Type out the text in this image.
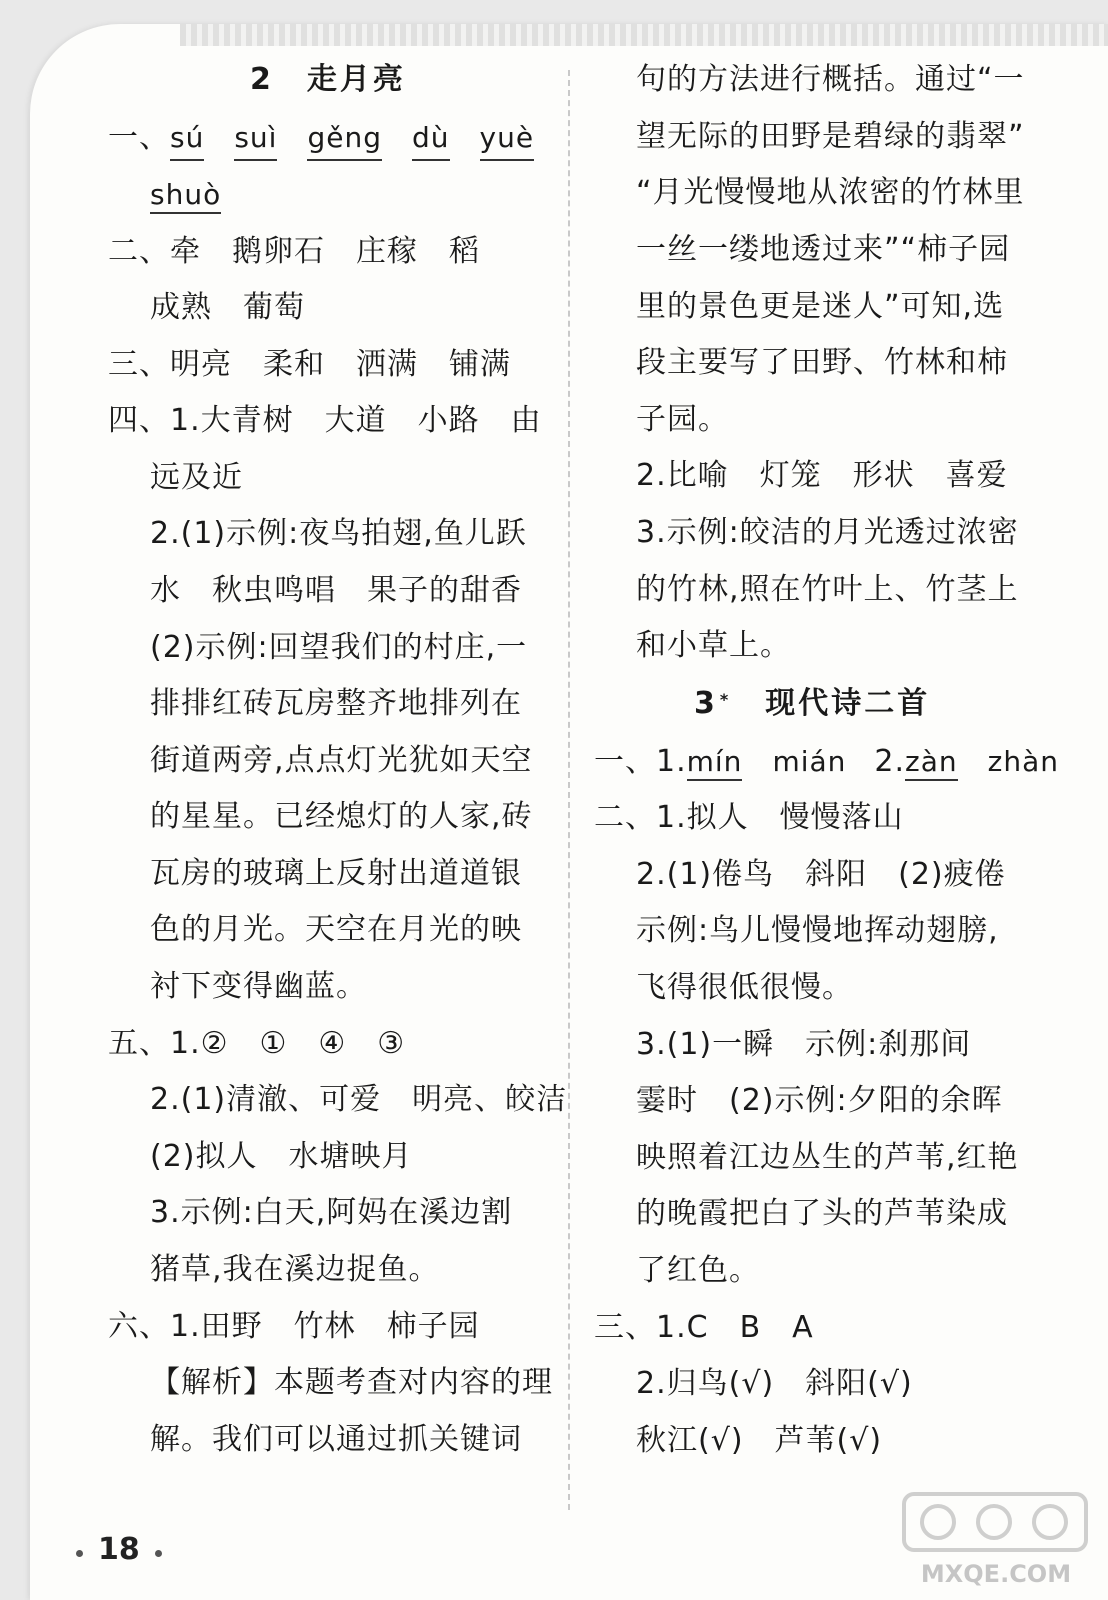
2　走月亮
一、sú suì gěng dù yuè
shuò
二、牵　鹅卵石　庄稼　稻
成熟　葡萄
三、明亮　柔和　洒满　铺满
四、1.大青树　大道　小路　由
远及近
2.(1)示例:夜鸟拍翅,鱼儿跃
水　秋虫鸣唱　果子的甜香
(2)示例:回望我们的村庄,一
排排红砖瓦房整齐地排列在
街道两旁,点点灯光犹如天空
的星星。已经熄灯的人家,砖
瓦房的玻璃上反射出道道银
色的月光。天空在月光的映
衬下变得幽蓝。
五、1.②　①　④　③
2.(1)清澈、可爱　明亮、皎洁
(2)拟人　水塘映月
3.示例:白天,阿妈在溪边割
猪草,我在溪边捉鱼。
六、1.田野　竹林　柿子园
【解析】本题考查对内容的理
解。我们可以通过抓关键词
句的方法进行概括。通过“一
望无际的田野是碧绿的翡翠”
“月光慢慢地从浓密的竹林里
一丝一缕地透过来”“柿子园
里的景色更是迷人”可知,选
段主要写了田野、竹林和柿
子园。
2.比喻　灯笼　形状　喜爱
3.示例:皎洁的月光透过浓密
的竹林,照在竹叶上、竹茎上
和小草上。
3 * 现代诗二首
一、1.mín mián 2.zàn zhàn
二、1.拟人　慢慢落山
2.(1)倦鸟　斜阳　(2)疲倦
示例:鸟儿慢慢地挥动翅膀,
飞得很低很慢。
3.(1)一瞬　示例:刹那间
霎时　(2)示例:夕阳的余晖
映照着江边丛生的芦苇,红艳
的晚霞把白了头的芦苇染成
了红色。
三、1.C　B　A
2.归鸟(√)　斜阳(√)
秋江(√)　芦苇(√)
18
MXQE.COM
